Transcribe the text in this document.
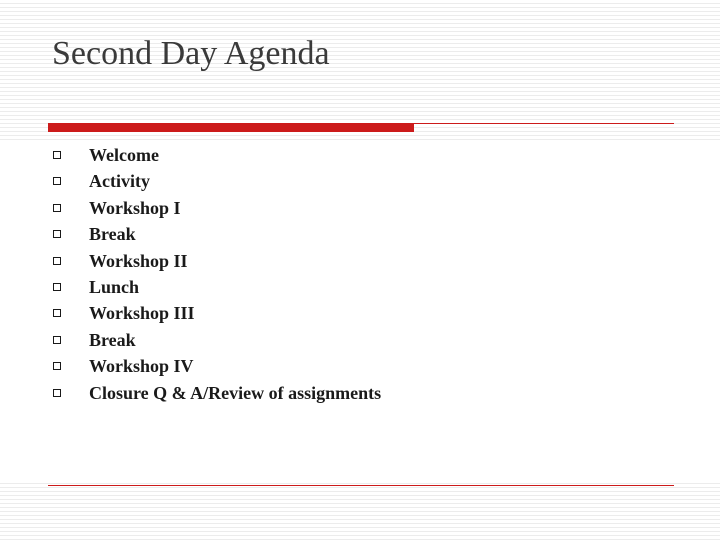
Second Day Agenda
Welcome
Activity
Workshop I
Break
Workshop II
Lunch
Workshop III
Break
Workshop IV
Closure Q & A/Review of assignments
